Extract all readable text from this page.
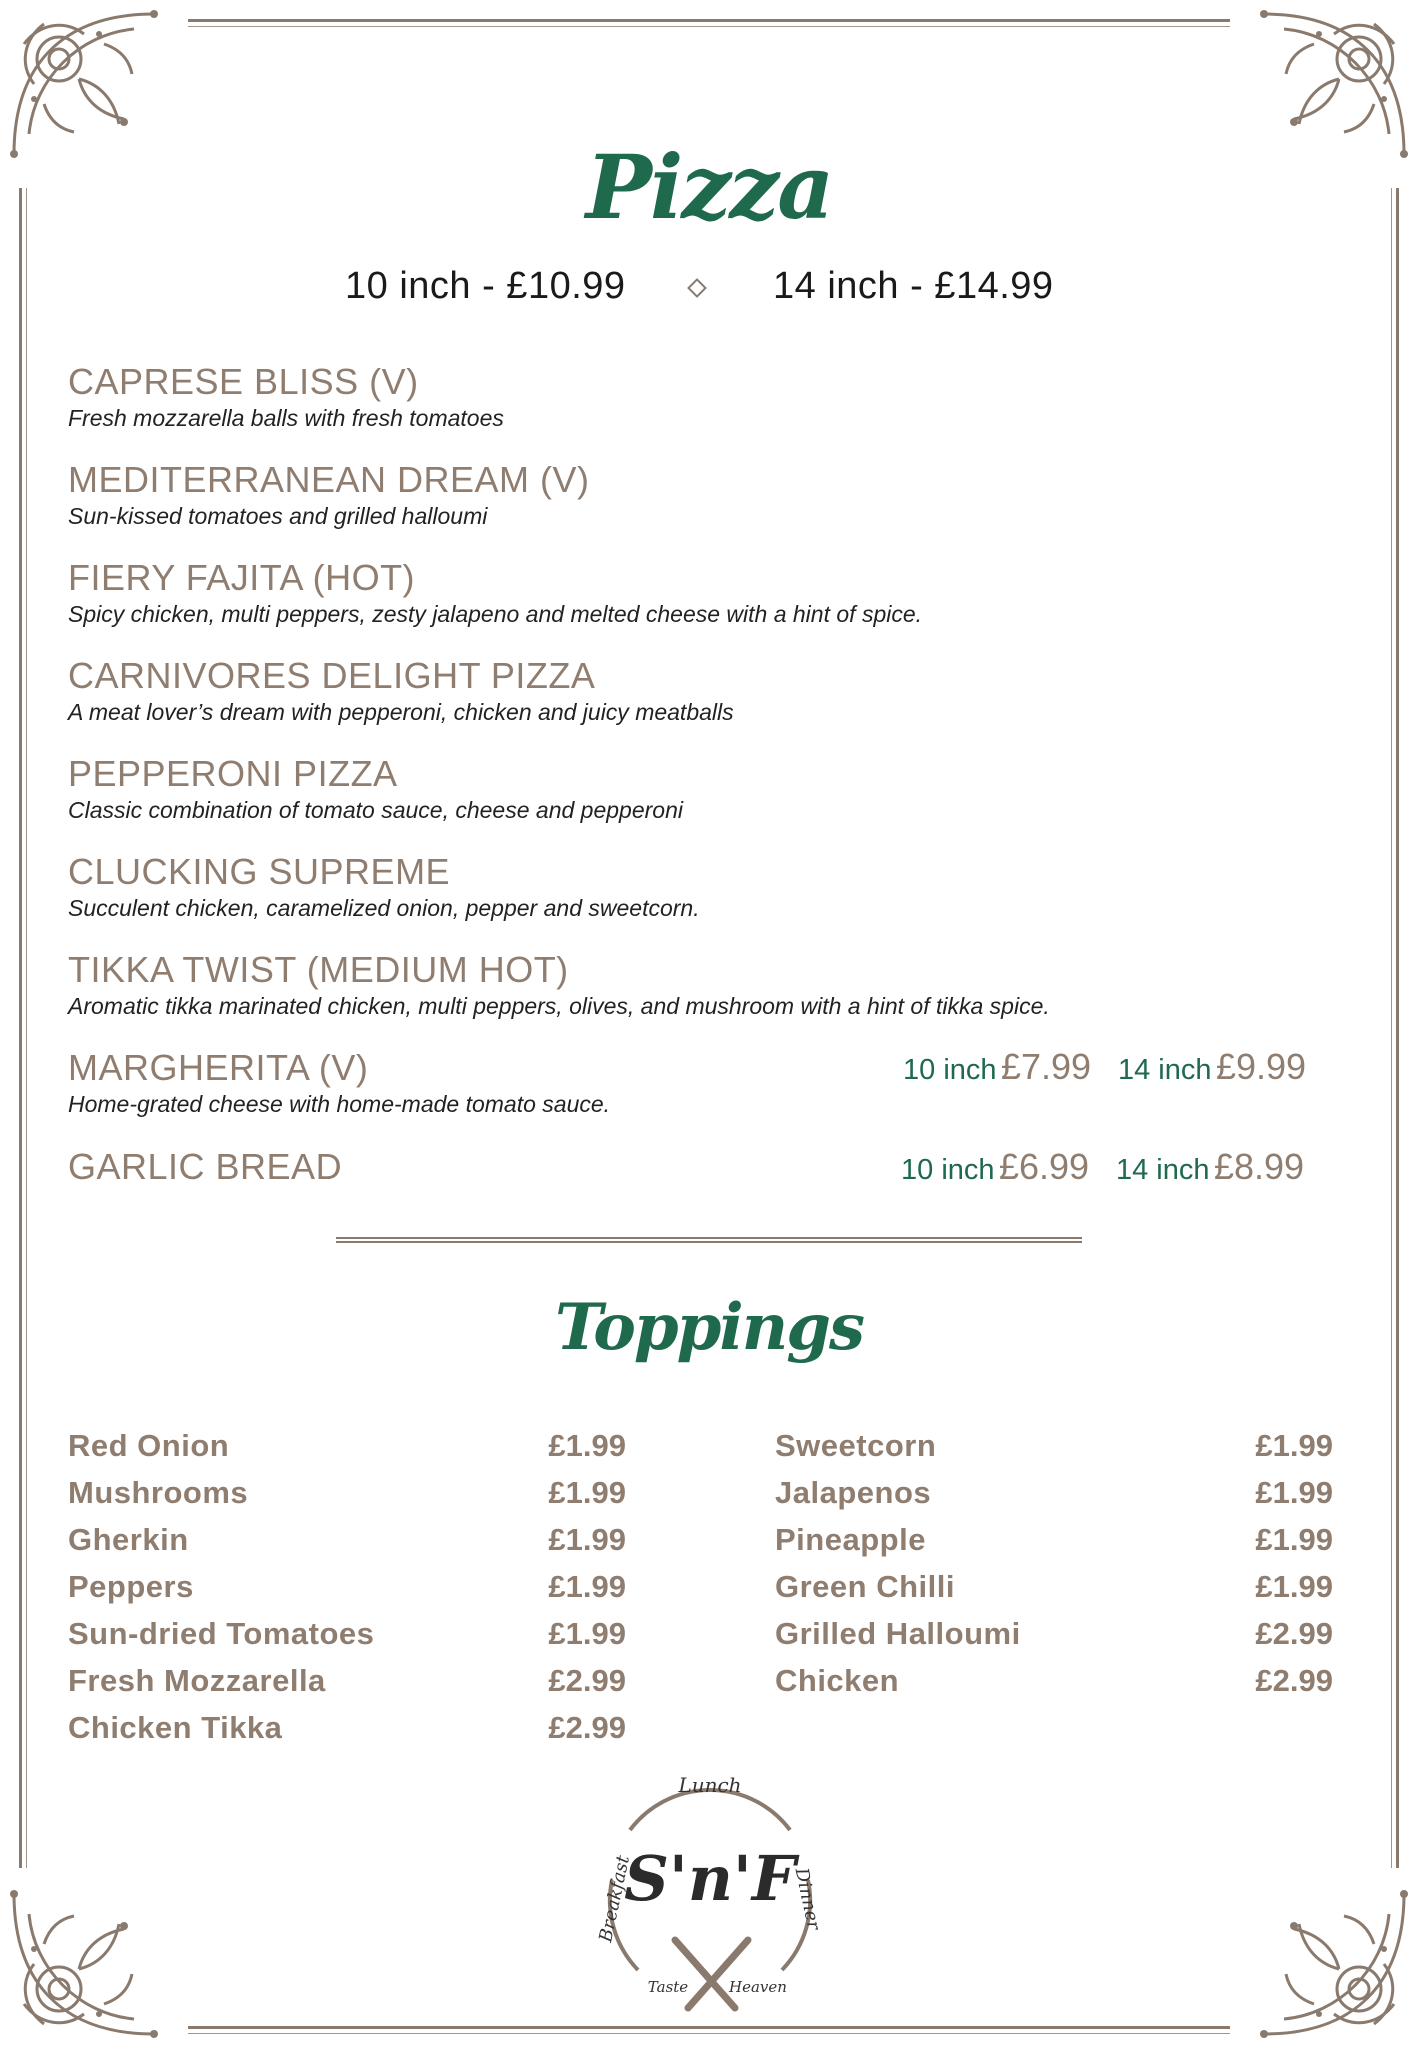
Pizza
10 inch - £10.99	14 inch - £14.99
CAPRESE BLISS (V)
Fresh mozzarella balls with fresh tomatoes
MEDITERRANEAN DREAM (V)
Sun-kissed tomatoes and grilled halloumi
FIERY FAJITA (HOT)
Spicy chicken, multi peppers, zesty jalapeno and melted cheese with a hint of spice.
CARNIVORES DELIGHT PIZZA
A meat lover’s dream with pepperoni, chicken and juicy meatballs
PEPPERONI PIZZA
Classic combination of tomato sauce, cheese and pepperoni
CLUCKING SUPREME
Succulent chicken, caramelized onion, pepper and sweetcorn.
TIKKA TWIST (MEDIUM HOT)
Aromatic tikka marinated chicken, multi peppers, olives, and mushroom with a hint of tikka spice.
MARGHERITA (V)
Home-grated cheese with home-made tomato sauce.
10 inch £7.99 14 inch £9.99
GARLIC BREAD	10 inch £6.99 14 inch £8.99
Toppings
Red Onion	£1.99
Mushrooms	£1.99
Gherkin	£1.99
Peppers	£1.99
Sun-dried Tomatoes	£1.99
Fresh Mozzarella	£2.99
Chicken Tikka	£2.99
Sweetcorn	£1.99
Jalapenos	£1.99
Pineapple	£1.99
Green Chilli	£1.99
Grilled Halloumi	£2.99
Chicken	£2.99
Lunch
Breakfast	Dinner
S'n'F
Taste	Heaven
